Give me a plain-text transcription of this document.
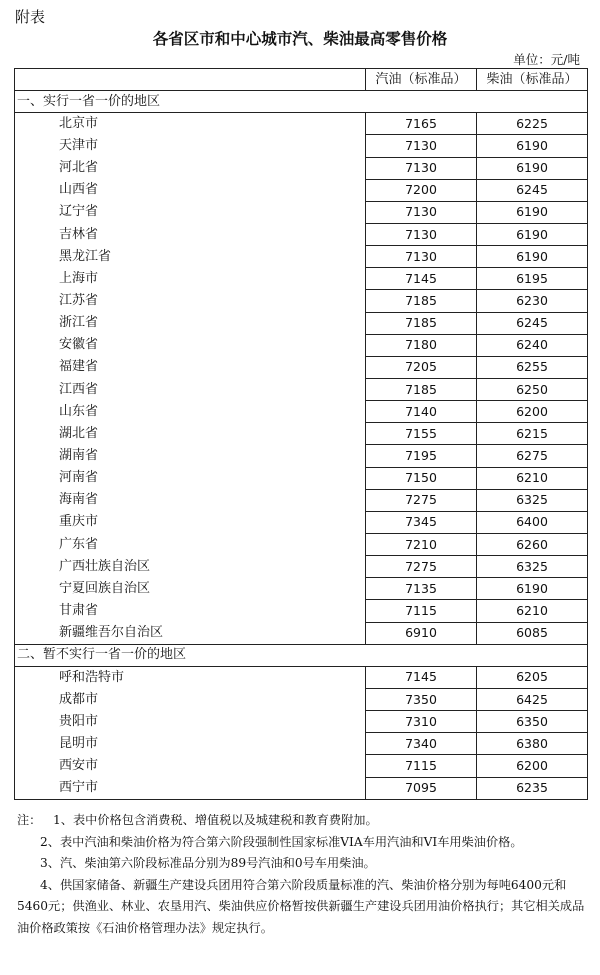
附表
各省区市和中心城市汽、柴油最高零售价格
单位：元/吨
	汽油（标准品）	柴油（标准品）
一、实行一省一价的地区		
北京市	7165	6225
天津市	7130	6190
河北省	7130	6190
山西省	7200	6245
辽宁省	7130	6190
吉林省	7130	6190
黑龙江省	7130	6190
上海市	7145	6195
江苏省	7185	6230
浙江省	7185	6245
安徽省	7180	6240
福建省	7205	6255
江西省	7185	6250
山东省	7140	6200
湖北省	7155	6215
湖南省	7195	6275
河南省	7150	6210
海南省	7275	6325
重庆市	7345	6400
广东省	7210	6260
广西壮族自治区	7275	6325
宁夏回族自治区	7135	6190
甘肃省	7115	6210
新疆维吾尔自治区	6910	6085
二、暂不实行一省一价的地区		
呼和浩特市	7145	6205
成都市	7350	6425
贵阳市	7310	6350
昆明市	7340	6380
西安市	7115	6200
西宁市	7095	6235

注： 1、表中价格包含消费税、增值税以及城建税和教育费附加。

2、表中汽油和柴油价格为符合第六阶段强制性国家标准VIA车用汽油和VI车用柴油价格。

3、汽、柴油第六阶段标准品分别为89号汽油和0号车用柴油。

4、供国家储备、新疆生产建设兵团用符合第六阶段质量标准的汽、柴油价格分别为每吨6400元和5460元；供渔业、林业、农垦用汽、柴油供应价格暂按供新疆生产建设兵团用油价格执行；其它相关成品油价格政策按《石油价格管理办法》规定执行。
